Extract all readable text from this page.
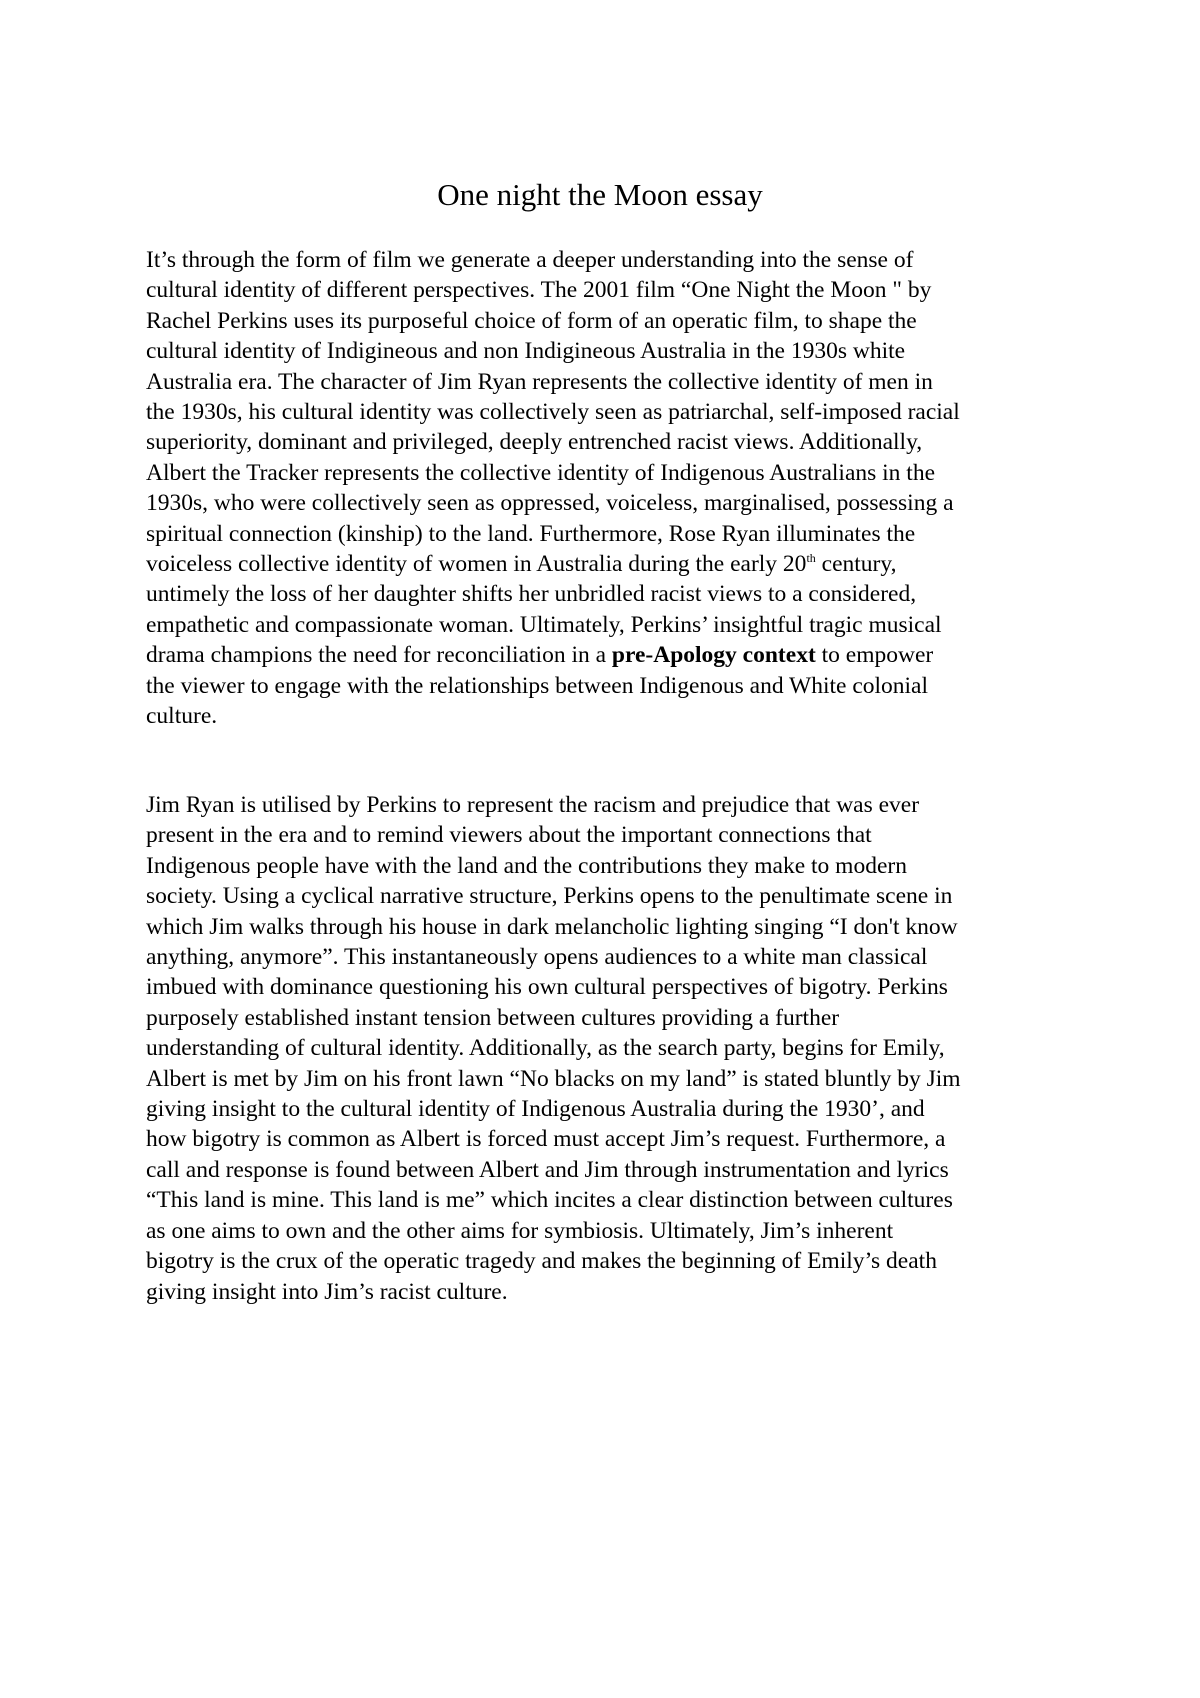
One night the Moon essay
It’s through the form of film we generate a deeper understanding into the sense of
cultural identity of different perspectives. The 2001 film “One Night the Moon " by
Rachel Perkins uses its purposeful choice of form of an operatic film, to shape the
cultural identity of Indigineous and non Indigineous Australia in the 1930s white
Australia era. The character of Jim Ryan represents the collective identity of men in
the 1930s, his cultural identity was collectively seen as patriarchal, self-imposed racial
superiority, dominant and privileged, deeply entrenched racist views. Additionally,
Albert the Tracker represents the collective identity of Indigenous Australians in the
1930s, who were collectively seen as oppressed, voiceless, marginalised, possessing a
spiritual connection (kinship) to the land. Furthermore, Rose Ryan illuminates the
voiceless collective identity of women in Australia during the early 20th century,
untimely the loss of her daughter shifts her unbridled racist views to a considered,
empathetic and compassionate woman. Ultimately, Perkins’ insightful tragic musical
drama champions the need for reconciliation in a pre-Apology context to empower
the viewer to engage with the relationships between Indigenous and White colonial
culture.
Jim Ryan is utilised by Perkins to represent the racism and prejudice that was ever
present in the era and to remind viewers about the important connections that
Indigenous people have with the land and the contributions they make to modern
society. Using a cyclical narrative structure, Perkins opens to the penultimate scene in
which Jim walks through his house in dark melancholic lighting singing “I don't know
anything, anymore”. This instantaneously opens audiences to a white man classical
imbued with dominance questioning his own cultural perspectives of bigotry. Perkins
purposely established instant tension between cultures providing a further
understanding of cultural identity. Additionally, as the search party, begins for Emily,
Albert is met by Jim on his front lawn “No blacks on my land” is stated bluntly by Jim
giving insight to the cultural identity of Indigenous Australia during the 1930’, and
how bigotry is common as Albert is forced must accept Jim’s request. Furthermore, a
call and response is found between Albert and Jim through instrumentation and lyrics
“This land is mine. This land is me” which incites a clear distinction between cultures
as one aims to own and the other aims for symbiosis. Ultimately, Jim’s inherent
bigotry is the crux of the operatic tragedy and makes the beginning of Emily’s death
giving insight into Jim’s racist culture.
